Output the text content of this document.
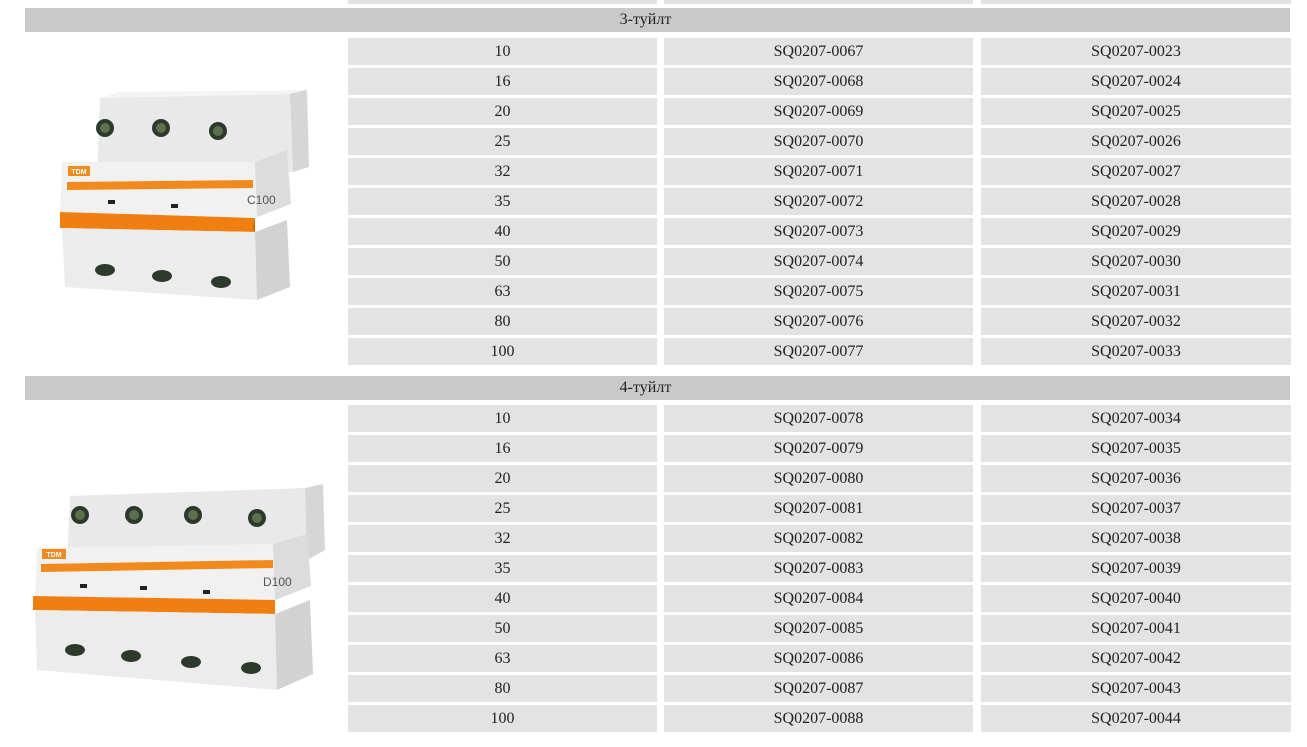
3-туйлт
TDM
C100
10	SQ0207-0067	SQ0207-0023
16	SQ0207-0068	SQ0207-0024
20	SQ0207-0069	SQ0207-0025
25	SQ0207-0070	SQ0207-0026
32	SQ0207-0071	SQ0207-0027
35	SQ0207-0072	SQ0207-0028
40	SQ0207-0073	SQ0207-0029
50	SQ0207-0074	SQ0207-0030
63	SQ0207-0075	SQ0207-0031
80	SQ0207-0076	SQ0207-0032
100	SQ0207-0077	SQ0207-0033
4-туйлт
TDM
D100
10	SQ0207-0078	SQ0207-0034
16	SQ0207-0079	SQ0207-0035
20	SQ0207-0080	SQ0207-0036
25	SQ0207-0081	SQ0207-0037
32	SQ0207-0082	SQ0207-0038
35	SQ0207-0083	SQ0207-0039
40	SQ0207-0084	SQ0207-0040
50	SQ0207-0085	SQ0207-0041
63	SQ0207-0086	SQ0207-0042
80	SQ0207-0087	SQ0207-0043
100	SQ0207-0088	SQ0207-0044
